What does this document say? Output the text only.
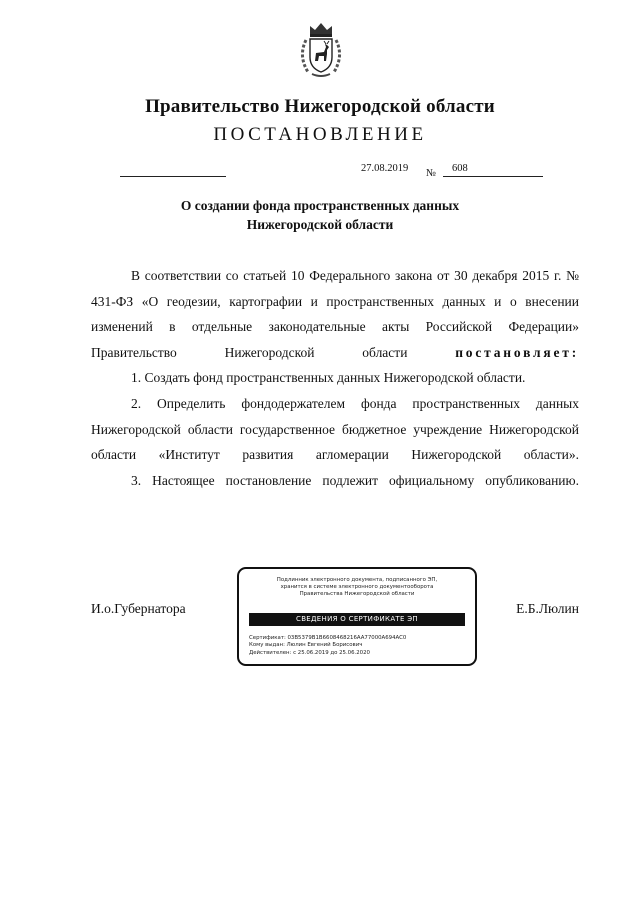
Правительство Нижегородской области
ПОСТАНОВЛЕНИЕ
27.08.2019 № 608
О создании фонда пространственных данных
Нижегородской области

В соответствии со статьей 10 Федерального закона от 30 декабря 2015 г. № 431-ФЗ «О геодезии, картографии и пространственных данных и о внесении изменений в отдельные законодательные акты Российской Федерации» Правительство Нижегородской области постановляет:

1. Создать фонд пространственных данных Нижегородской области.

2. Определить фондодержателем фонда пространственных данных Нижегородской области государственное бюджетное учреждение Нижегородской области «Институт развития агломерации Нижегородской области».

3. Настоящее постановление подлежит официальному опубликованию.

И.о.Губернатора	Е.Б.Люлин
Подлинник электронного документа, подписанного ЭП,
хранится в системе электронного документооборота
Правительства Нижегородской области
СВЕДЕНИЯ О СЕРТИФИКАТЕ ЭП
Сертификат: 03B5379B1B6608468216AA77000A694AC0
Кому выдан: Люлин Евгений Борисович
Действителен: с 25.06.2019 до 25.06.2020
